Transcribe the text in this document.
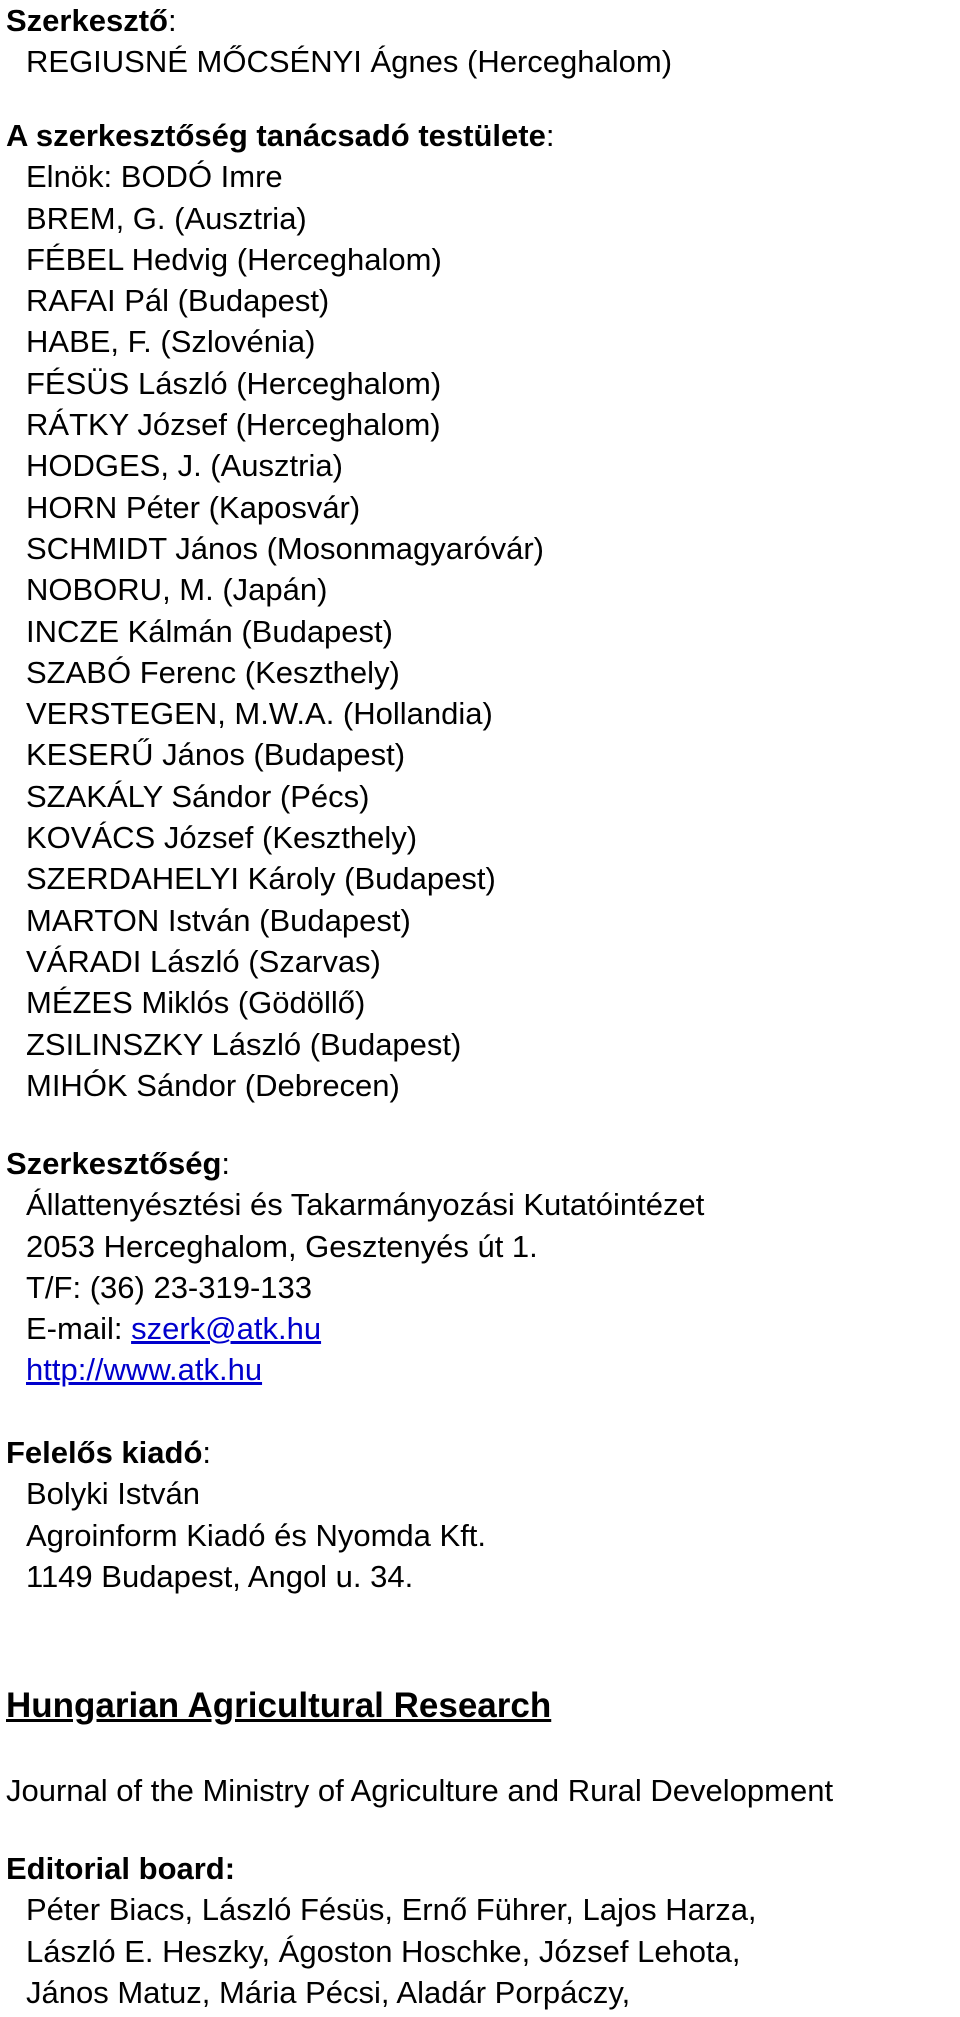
Szerkesztő:
REGIUSNÉ MŐCSÉNYI Ágnes (Herceghalom)
A szerkesztőség tanácsadó testülete:
Elnök: BODÓ Imre
BREM, G. (Ausztria)
FÉBEL Hedvig (Herceghalom)
RAFAI Pál (Budapest)
HABE, F. (Szlovénia)
FÉSÜS László (Herceghalom)
RÁTKY József (Herceghalom)
HODGES, J. (Ausztria)
HORN Péter (Kaposvár)
SCHMIDT János (Mosonmagyaróvár)
NOBORU, M. (Japán)
INCZE Kálmán (Budapest)
SZABÓ Ferenc (Keszthely)
VERSTEGEN, M.W.A. (Hollandia)
KESERŰ János (Budapest)
SZAKÁLY Sándor (Pécs)
KOVÁCS József (Keszthely)
SZERDAHELYI Károly (Budapest)
MARTON István (Budapest)
VÁRADI László (Szarvas)
MÉZES Miklós (Gödöllő)
ZSILINSZKY László (Budapest)
MIHÓK Sándor (Debrecen)
Szerkesztőség:
Állattenyésztési és Takarmányozási Kutatóintézet
2053 Herceghalom, Gesztenyés út 1.
T/F: (36) 23-319-133
E-mail: szerk@atk.hu
http://www.atk.hu
Felelős kiadó:
Bolyki István
Agroinform Kiadó és Nyomda Kft.
1149 Budapest, Angol u. 34.
Hungarian Agricultural Research
Journal of the Ministry of Agriculture and Rural Development
Editorial board:
Péter Biacs, László Fésüs, Ernő Führer, Lajos Harza,
László E. Heszky, Ágoston Hoschke, József Lehota,
János Matuz, Mária Pécsi, Aladár Porpáczy,
